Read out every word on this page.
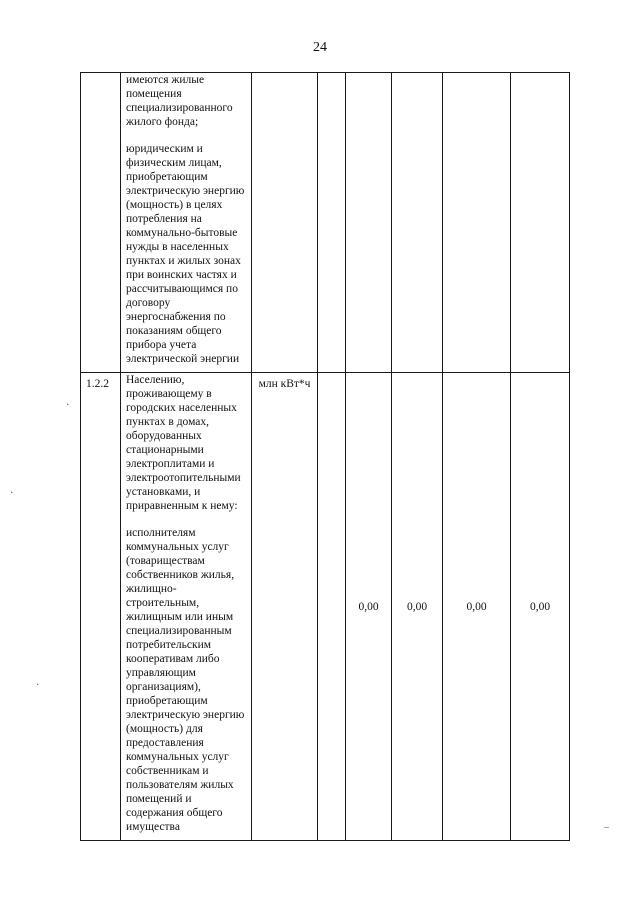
24

	имеются жилые помещения специализированного жилого фонда;

юридическим и физическим лицам, приобретающим электрическую энергию (мощность) в целях потребления на коммунально-бытовые нужды в населенных пунктах и жилых зонах при воинских частях и рассчитывающимся по договору энергоснабжения по показаниям общего прибора учета электрической энергии						

1.2.2	Населению, проживающему в городских населенных пунктах в домах, оборудованных стационарными электроплитами и электроотопительными установками, и приравненным к нему:

исполнителям коммунальных услуг (товариществам собственников жилья, жилищно-строительным, жилищным или иным специализированным потребительским кооперативам либо управляющим организациям), приобретающим электрическую энергию (мощность) для предоставления коммунальных услуг собственникам и пользователям жилых помещений и содержания общего имущества	млн кВт*ч		0,00	0,00	0,00	0,00
·
·
·
–
